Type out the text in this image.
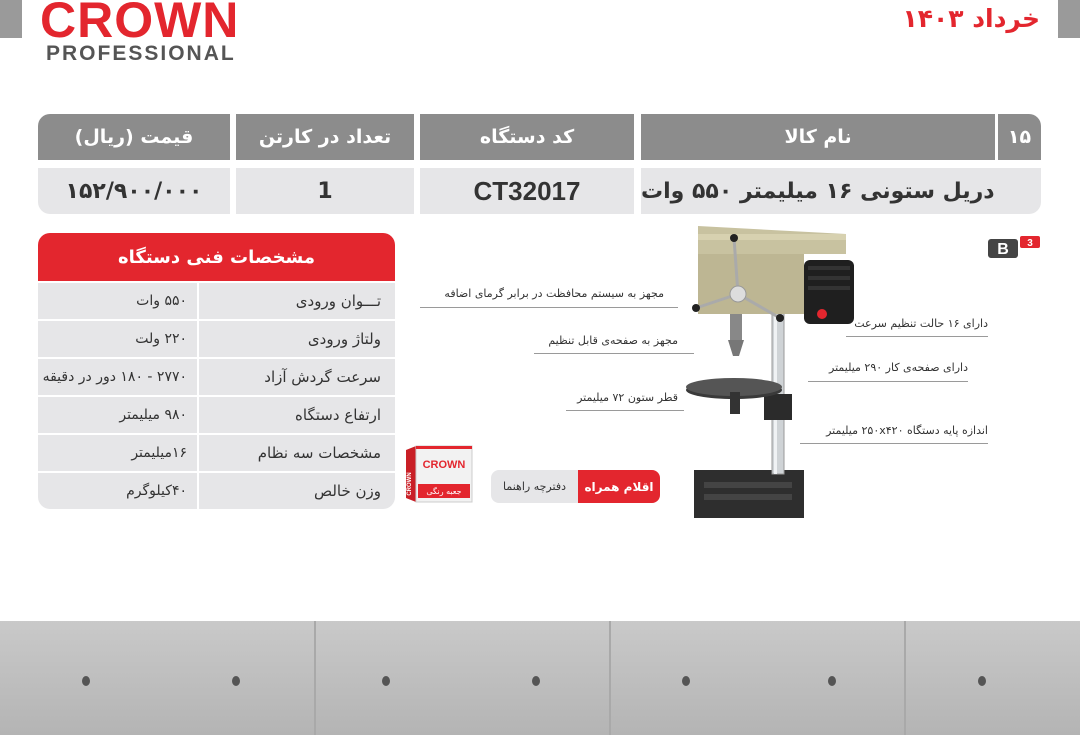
CROWN
PROFESSIONAL
خرداد ۱۴۰۳
۱۵
نام کالا
کد دستگاه
تعداد در کارتن
قیمت (ریال)
دریل ستونی ۱۶ میلیمتر ۵۵۰ وات
CT32017
1
۱۵۲/۹۰۰/۰۰۰
مشخصات فنی دستگاه
تـــوان ورودی
۵۵۰ وات
ولتاژ ورودی
۲۲۰ ولت
سرعت گردش آزاد
۲۷۷۰ - ۱۸۰ دور در دقیقه
ارتفاع دستگاه
۹۸۰ میلیمتر
مشخصات سه نظام
۱۶میلیمتر
وزن خالص
۴۰کیلوگرم
CROWN
جعبه رنگی
CROWN	اقلام همراه
دفترچه راهنما
B 3
مجهز به سیستم محافظت در برابر گرمای اضافه
مجهز به صفحه‌ی قابل تنظیم
قطر ستون ۷۲ میلیمتر
دارای ۱۶ حالت تنظیم سرعت
دارای صفحه‌ی کار ۲۹۰ میلیمتر
اندازه پایه دستگاه ۲۵۰x۴۲۰ میلیمتر
